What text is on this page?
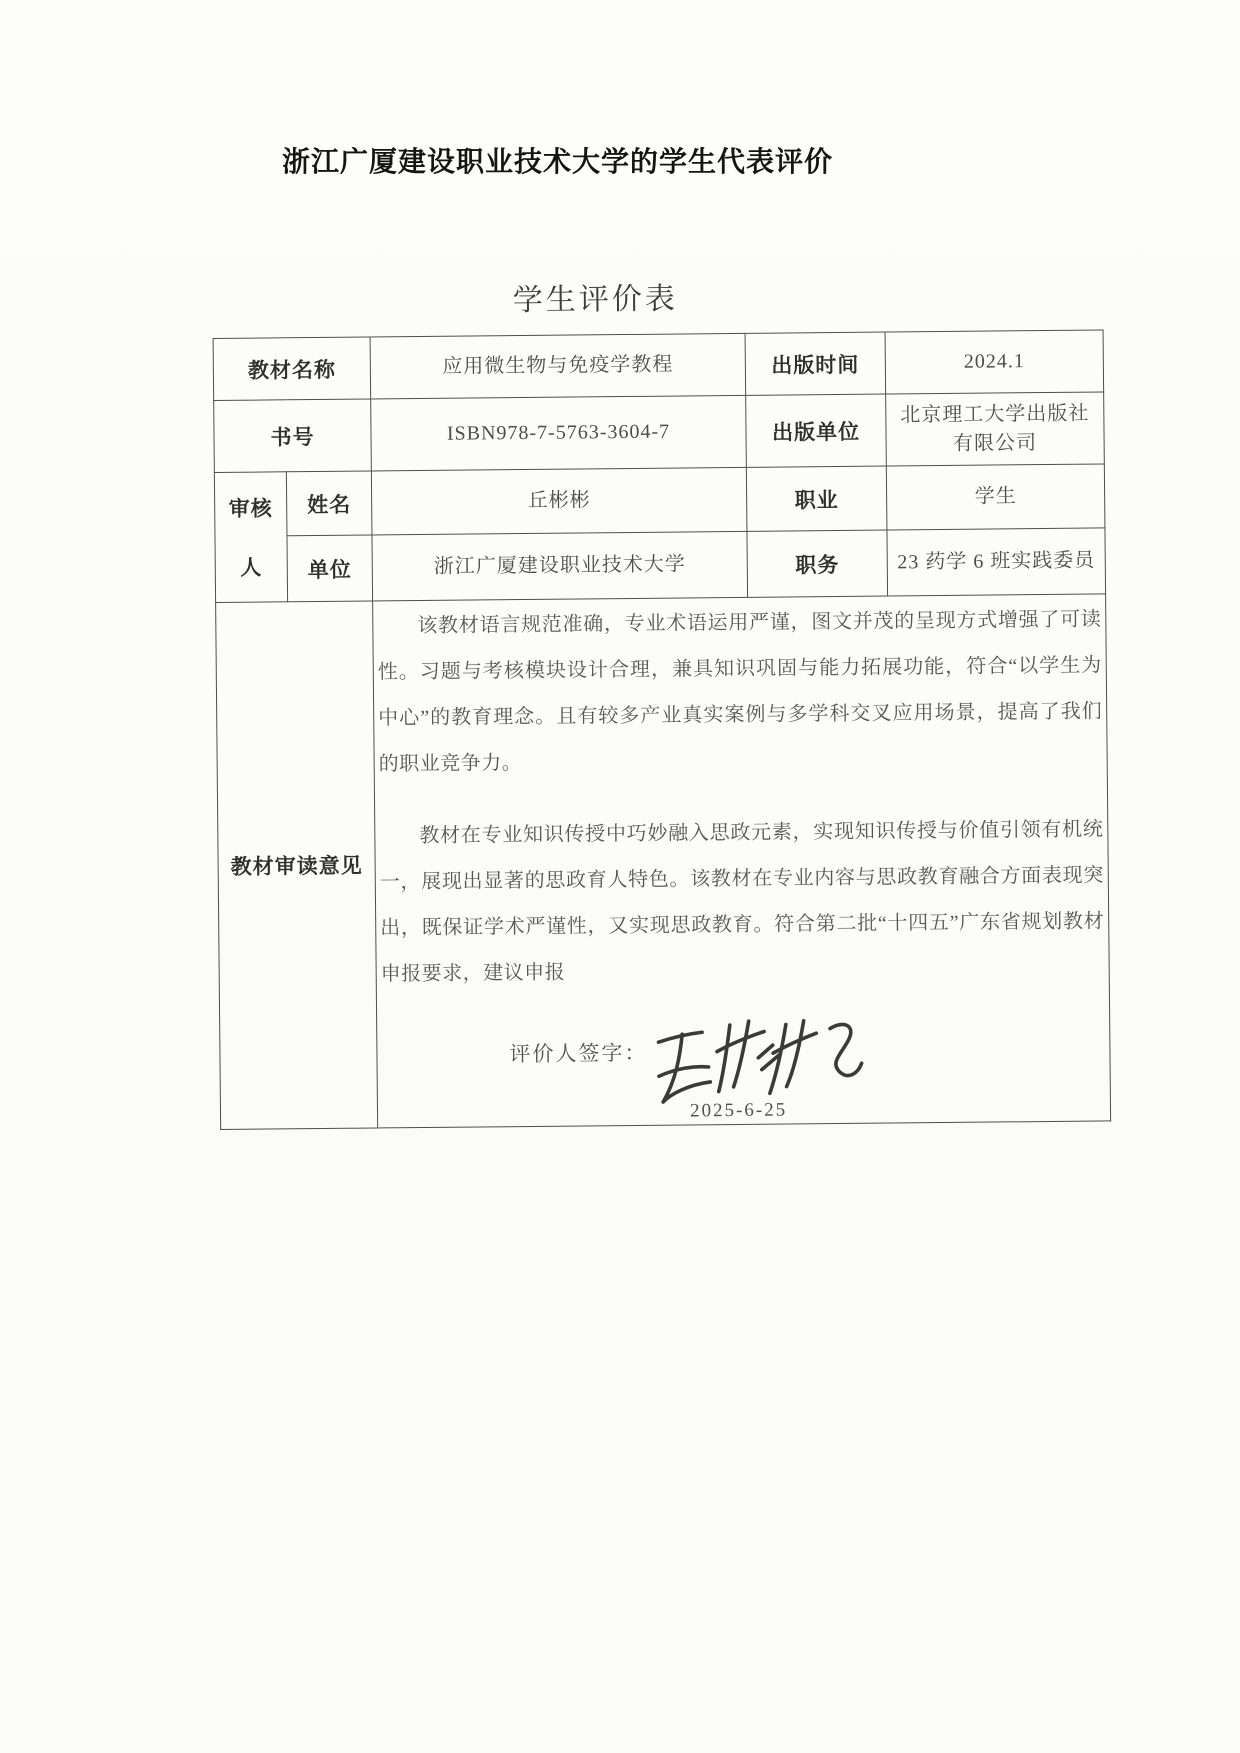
浙江广厦建设职业技术大学的学生代表评价
学生评价表
教材名称		应用微生物与免疫学教程	出版时间	2024.1
书号		ISBN978-7-5763-3604-7	出版单位	北京理工大学出版社有限公司

审核
人	姓名	丘彬彬	职业	学生
	单位	浙江广厦建设职业技术大学	职务	23 药学 6 班实践委员
教材审读意见		该教材语言规范准确，专业术语运用严谨，图文并茂的呈现方式增强了可读性。习题与考核模块设计合理，兼具知识巩固与能力拓展功能，符合“以学生为中心”的教育理念。且有较多产业真实案例与多学科交叉应用场景，提高了我们的职业竞争力。

教材在专业知识传授中巧妙融入思政元素，实现知识传授与价值引领有机统一，展现出显著的思政育人特色。该教材在专业内容与思政教育融合方面表现突出，既保证学术严谨性，又实现思政教育。符合第二批“十四五”广东省规划教材申报要求，建议申报

评价人签字：
2025-6-25		
